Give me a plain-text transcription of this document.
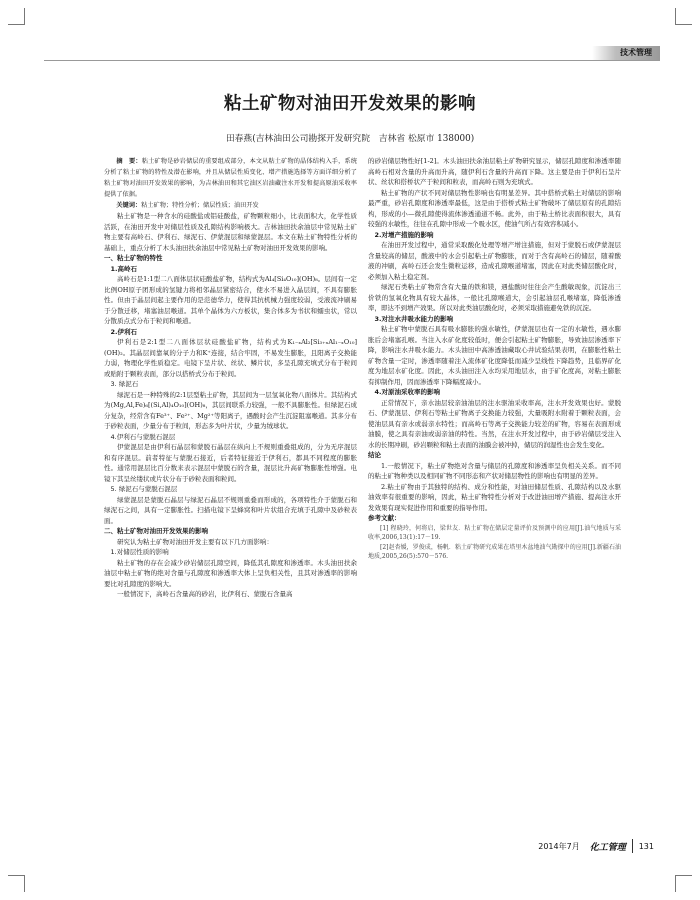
技术管理
粘土矿物对油田开发效果的影响
田春燕(吉林油田公司勘探开发研究院　吉林省 松原市 138000)

摘　要：粘土矿物是砂岩储层的重要组成部分，本文从粘土矿物的晶体结构入手，系统分析了粘土矿物的特性及潜在影响，并且从储层性质变化、增产措施选择等方面详细分析了粘土矿物对油田开发效果的影响，为吉林油田和其它油区岩油藏注水开发和提高原油采收率提供了依据。

关键词：粘土矿物；特性分析；储层性质；油田开发

粘土矿物是一种含水的硅酸盐或铝硅酸盐，矿物颗粒细小，比表面积大，化学性质活跃，在油田开发中对储层性质及孔隙结构影响极大。吉林油田扶余油层中常见粘土矿物主要有高岭石、伊利石、绿泥石、伊蒙混层和绿蒙混层。本文在粘土矿物特性分析的基础上，重点分析了木头油田扶余油层中常见粘土矿物对油田开发效果的影响。

一、粘土矿物的特性

1.高岭石

高岭石是1:1型二八面体层状硅酸盐矿物，结构式为Al₄[Si₄O₁₀](OH)₈。层间有一定比例OH原子团形成的氢键力将相邻晶层紧密结合，使水不易进入晶层间，不具有膨胀性。但由于晶层间起主要作用的是范德华力，使得其抗机械力强度较弱，受液流冲刷易于分散迁移，堵塞油层喉道。其单个晶体为六方板状，集合体多为书状和蠕虫状，常以分散质点式分布于粒间和喉道。

2.伊利石

伊利石是2:1型二八面体层状硅酸盐矿物，结构式为K₁₋ₓAl₂[Si₃₊ₓAl₁₋ₓO₁₀](OH)₂。其晶层间靠氧的分子力和K⁺连接，结合牢固，不易发生膨胀，且阳离子交换能力弱，物理化学性质稳定。电镜下呈片状、丝状、鳞片状，多呈孔隙充填式分布于粒间或贴附于颗粒表面，部分以搭桥式分布于粒间。

3. 绿泥石

绿泥石是一种特殊的2:1层型粘土矿物，其层间为一层氢氧化物八面体片。其结构式为(Mg,Al,Fe)₆[(Si,Al)₄O₁₀](OH)₈，其层间联系力较强，一般不具膨胀性。但绿泥石成分复杂，经常含有Fe³⁺、Fe²⁺、Mg²⁺等阳离子，遇酸时会产生沉淀阻塞喉道。其多分布于砂粒表面，少量分布于粒间，形态多为叶片状，少量为绒球状。

4.伊利石与蒙脱石混层

伊蒙混层是由伊利石晶层和蒙脱石晶层在纵向上不规则重叠组成的，分为无序混层和有序混层。前者特征与蒙脱石接近，后者特征接近于伊利石，都具不同程度的膨胀性。通常用混层比百分数来表示混层中蒙脱石的含量，混层比升高矿物膨胀性增强。电镜下其呈丝缕状或片状分布于砂粒表面和粒间。

5. 绿泥石与蒙脱石混层

绿蒙混层是蒙脱石晶层与绿泥石晶层不规则重叠而形成的，各项特性介于蒙脱石和绿泥石之间，具有一定膨胀性。扫描电镜下呈蜂窝和叶片状组合充填于孔隙中及砂粒表面。

二、粘土矿物对油田开发效果的影响

研究认为粘土矿物对油田开发主要有以下几方面影响：

1.对储层性质的影响

粘土矿物的存在会减少砂岩储层孔隙空间，降低其孔隙度和渗透率。木头油田扶余油层中粘土矿物的绝对含量与孔隙度和渗透率大体上呈负相关性，且其对渗透率的影响要比对孔隙度的影响大。

一般情况下，高岭石含量高的砂岩，比伊利石、蒙脱石含量高

的砂岩储层物性好[1-2]。木头油田扶余油层粘土矿物研究显示，储层孔隙度和渗透率随高岭石相对含量的升高而升高，随伊利石含量的升高而下降。这主要是由于伊利石呈片状、丝状和搭桥状产于粒间和粒表，而高岭石则为充填式。

粘土矿物的产状不同对储层物性影响也有明显差异。其中搭桥式粘土对储层的影响最严重，砂岩孔隙度和渗透率最低，这是由于搭桥式粘土矿物破坏了储层原有的孔隙结构，形成的小—微孔隙使得流体渗透通道不畅。此外，由于粘土桥比表面积很大，具有较强的水敏性，往往在孔隙中形成一个吸水区，使油气所占有效容积减小。

2.对增产措施的影响

在油田开发过程中，通常采取酸化处理等增产增注措施，但对于蒙脱石或伊蒙混层含量较高的储层，酸液中的水会引起粘土矿物膨胀，而对于含有高岭石的储层，随着酸液的冲刷，高岭石还会发生微粒运移，造成孔隙喉道堵塞，因此在对此类储层酸化时，必须加入粘土稳定剂。

绿泥石类粘土矿物常含有大量的铁和镁，遇盐酸时往往会产生酸敏现象，沉淀出三价铁的氢氧化物具有较大晶体，一般比孔隙喉道大，会引起油层孔喉堵塞，降低渗透率，即达不到增产效果。所以对此类油层酸化时，必须采取措施避免铁的沉淀。

3.对注水井吸水能力的影响

粘土矿物中蒙脱石具有吸水膨胀的强水敏性，伊蒙混层也有一定的水敏性，遇水膨胀后会堵塞孔喉。当注入水矿化度较低时，便会引起粘土矿物膨胀，导致油层渗透率下降，影响注水井吸水能力。木头油田中高渗透油藏取心井试验结果表明，在膨胀性粘土矿物含量一定时，渗透率随着注入流体矿化度降低而减少呈线性下降趋势，且临界矿化度为地层水矿化度。因此，木头油田注入水均采用地层水，由于矿化度高，对粘土膨胀有抑制作用，因而渗透率下降幅度减小。

4.对原油采收率的影响

正常情况下，亲水油层较亲油油层的注水驱油采收率高，注水开发效果也好。蒙脱石、伊蒙混层、伊利石等粘土矿物离子交换能力较强，大量吸附水附着于颗粒表面，会使油层具有亲水或弱亲水特性；而高岭石等离子交换能力较差的矿物，容易在表面形成油膜，使之具有亲油或弱亲油的特性。当然，在注水开发过程中，由于砂岩储层受注入水的长期冲刷，砂岩颗粒和粘土表面的油膜会被冲掉，储层的润湿性也会发生变化。

结论

1.一般情况下，粘土矿物绝对含量与储层的孔隙度和渗透率呈负相关关系。而不同的粘土矿物种类以及相同矿物不同形态和产状对储层物性的影响也有明显的差异。

2.粘土矿物由于其独特的结构、成分和性能，对油田储层性质、孔隙结构以及水驱油效率有很重要的影响，因此，粘土矿物特性分析对于改进油田增产措施、提高注水开发效果有现实促进作用和重要的指导作用。

参考文献：

[1] 程晓玲，何将启，梁世友．粘土矿物在储层定量评价及预测中的应用[J].油气地质与采收率,2006,13(1):17－19.

[2]赵杏媛，罗俊成，杨帆．粘土矿物研究成果在塔里木盆地油气勘探中的应用[J].新疆石油地质,2005,26(5):570－576.

2014年7月 化工管理 131
